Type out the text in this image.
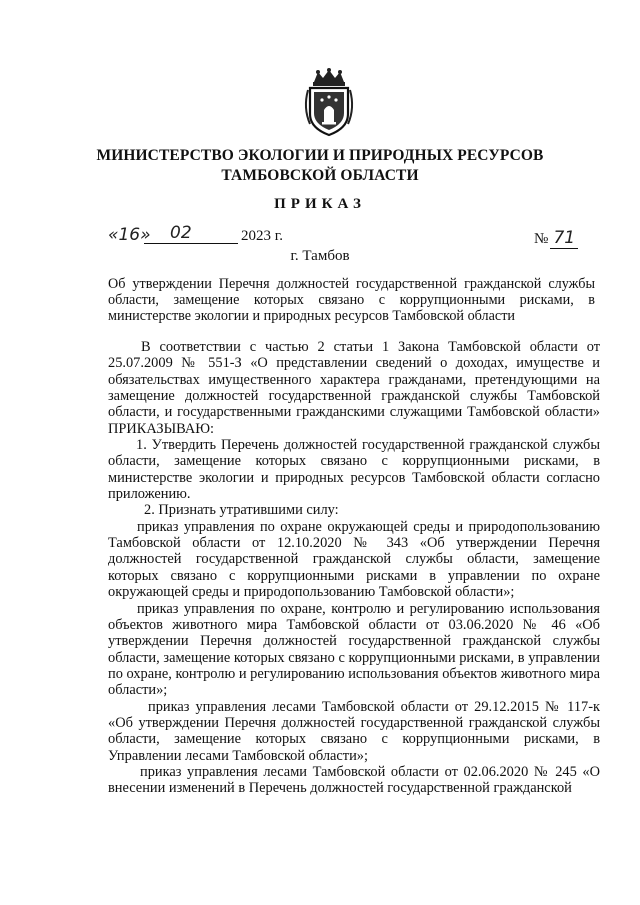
МИНИСТЕРСТВО ЭКОЛОГИИ И ПРИРОДНЫХ РЕСУРСОВ
ТАМБОВСКОЙ ОБЛАСТИ
ПРИКАЗ
«16» 02	2023 г.	№ 71
г. Тамбов
Об утверждении Перечня должностей государственной гражданской службы области, замещение которых связано с коррупционными рисками, в министерстве экологии и природных ресурсов Тамбовской области

В соответствии с частью 2 статьи 1 Закона Тамбовской области от 25.07.2009 № 551-З «О представлении сведений о доходах, имуществе и обязательствах имущественного характера гражданами, претендующими на замещение должностей государственной гражданской службы Тамбовской области, и государственными гражданскими служащими Тамбовской области» ПРИКАЗЫВАЮ:

1. Утвердить Перечень должностей государственной гражданской службы области, замещение которых связано с коррупционными рисками, в министерстве экологии и природных ресурсов Тамбовской области согласно приложению.

2. Признать утратившими силу:

приказ управления по охране окружающей среды и природопользованию Тамбовской области от 12.10.2020 № 343 «Об утверждении Перечня должностей государственной гражданской службы области, замещение которых связано с коррупционными рисками в управлении по охране окружающей среды и природопользованию Тамбовской области»;

приказ управления по охране, контролю и регулированию использования объектов животного мира Тамбовской области от 03.06.2020 № 46 «Об утверждении Перечня должностей государственной гражданской службы области, замещение которых связано с коррупционными рисками, в управлении по охране, контролю и регулированию использования объектов животного мира области»;

приказ управления лесами Тамбовской области от 29.12.2015 № 117-к «Об утверждении Перечня должностей государственной гражданской службы области, замещение которых связано с коррупционными рисками, в Управлении лесами Тамбовской области»;

приказ управления лесами Тамбовской области от 02.06.2020 № 245 «О внесении изменений в Перечень должностей государственной гражданской
